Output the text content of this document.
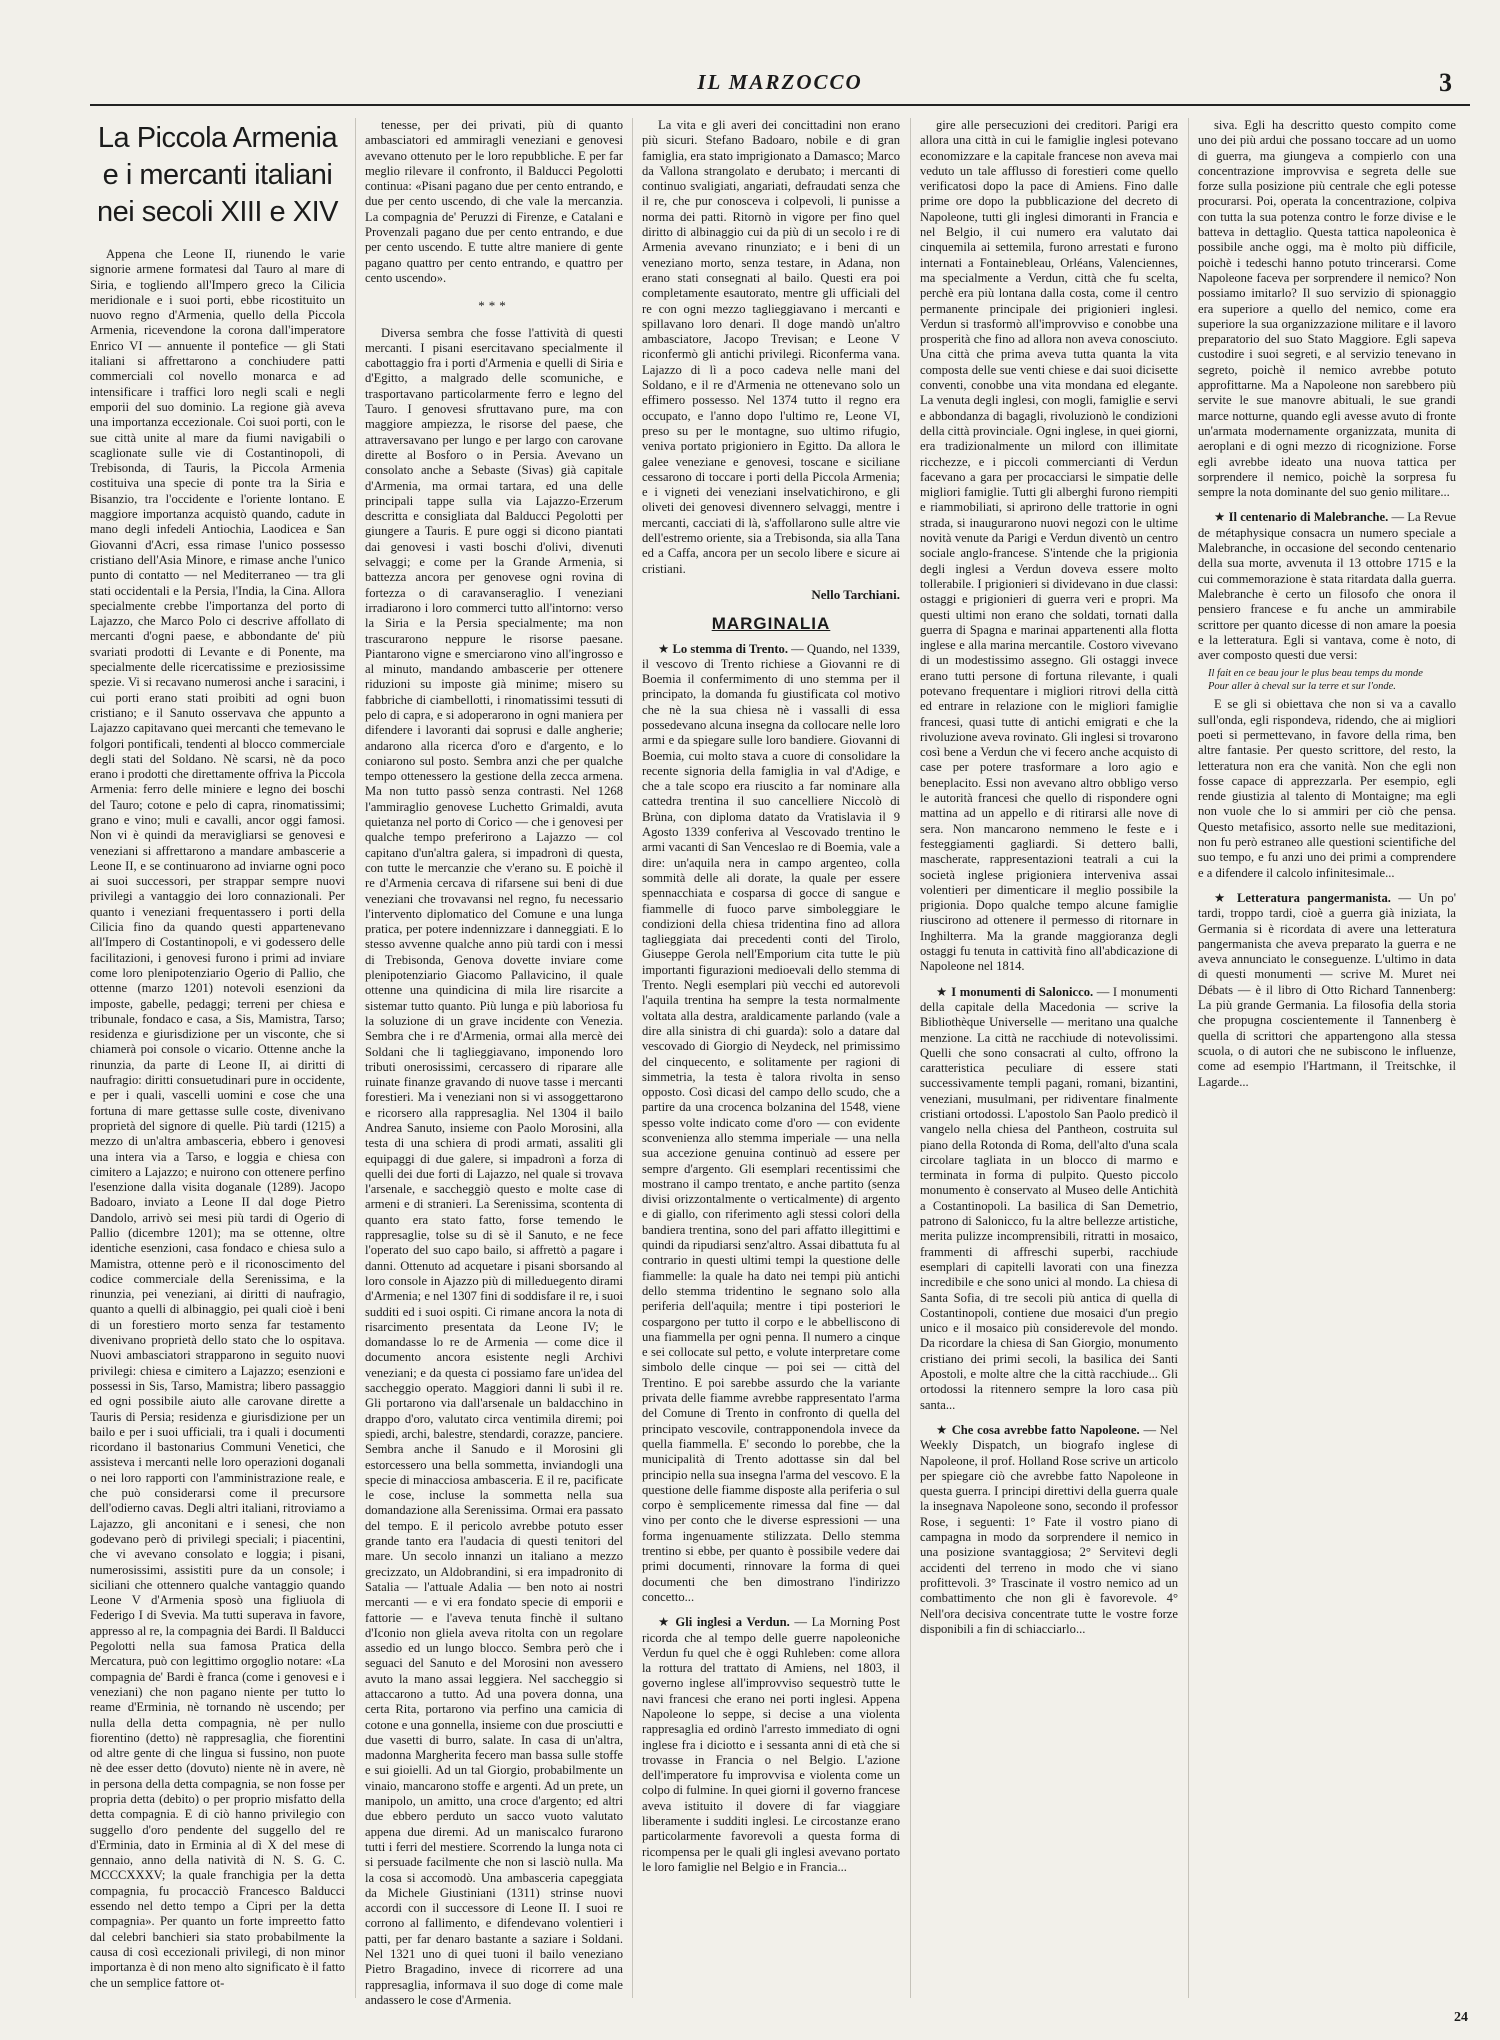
IL MARZOCCO	3
La Piccola Armenia
e i mercanti italiani
nei secoli XIII e XIV

Appena che Leone II, riunendo le varie signorie armene formatesi dal Tauro al mare di Siria, e togliendo all'Impero greco la Cilicia meridionale e i suoi porti, ebbe ricostituito un nuovo regno d'Armenia, quello della Piccola Armenia, ricevendone la corona dall'imperatore Enrico VI — annuente il pontefice — gli Stati italiani si affrettarono a conchiudere patti commerciali col novello monarca e ad intensificare i traffici loro negli scali e negli emporii del suo dominio. La regione già aveva una importanza eccezionale. Coi suoi porti, con le sue città unite al mare da fiumi navigabili o scaglionate sulle vie di Costantinopoli, di Trebisonda, di Tauris, la Piccola Armenia costituiva una specie di ponte tra la Siria e Bisanzio, tra l'occidente e l'oriente lontano. E maggiore importanza acquistò quando, cadute in mano degli infedeli Antiochia, Laodicea e San Giovanni d'Acri, essa rimase l'unico possesso cristiano dell'Asia Minore, e rimase anche l'unico punto di contatto — nel Mediterraneo — tra gli stati occidentali e la Persia, l'India, la Cina. Allora specialmente crebbe l'importanza del porto di Lajazzo, che Marco Polo ci descrive affollato di mercanti d'ogni paese, e abbondante de' più svariati prodotti di Levante e di Ponente, ma specialmente delle ricercatissime e preziosissime spezie. Vi si recavano numerosi anche i saracini, i cui porti erano stati proibiti ad ogni buon cristiano; e il Sanuto osservava che appunto a Lajazzo capitavano quei mercanti che temevano le folgori pontificali, tendenti al blocco commerciale degli stati del Soldano. Nè scarsi, nè da poco erano i prodotti che direttamente offriva la Piccola Armenia: ferro delle miniere e legno dei boschi del Tauro; cotone e pelo di capra, rinomatissimi; grano e vino; muli e cavalli, ancor oggi famosi. Non vi è quindi da meravigliarsi se genovesi e veneziani si affrettarono a mandare ambascerie a Leone II, e se continuarono ad inviarne ogni poco ai suoi successori, per strappar sempre nuovi privilegi a vantaggio dei loro connazionali. Per quanto i veneziani frequentassero i porti della Cilicia fino da quando questi appartenevano all'Impero di Costantinopoli, e vi godessero delle facilitazioni, i genovesi furono i primi ad inviare come loro plenipotenziario Ogerio di Pallio, che ottenne (marzo 1201) notevoli esenzioni da imposte, gabelle, pedaggi; terreni per chiesa e tribunale, fondaco e casa, a Sis, Mamistra, Tarso; residenza e giurisdizione per un visconte, che si chiamerà poi console o vicario. Ottenne anche la rinunzia, da parte di Leone II, ai diritti di naufragio: diritti consuetudinari pure in occidente, e per i quali, vascelli uomini e cose che una fortuna di mare gettasse sulle coste, divenivano proprietà del signore di quelle. Più tardi (1215) a mezzo di un'altra ambasceria, ebbero i genovesi una intera via a Tarso, e loggia e chiesa con cimitero a Lajazzo; e nuirono con ottenere perfino l'esenzione dalla visita doganale (1289). Jacopo Badoaro, inviato a Leone II dal doge Pietro Dandolo, arrivò sei mesi più tardi di Ogerio di Pallio (dicembre 1201); ma se ottenne, oltre identiche esenzioni, casa fondaco e chiesa sulo a Mamistra, ottenne però e il riconoscimento del codice commerciale della Serenissima, e la rinunzia, pei veneziani, ai diritti di naufragio, quanto a quelli di albinaggio, pei quali cioè i beni di un forestiero morto senza far testamento divenivano proprietà dello stato che lo ospitava. Nuovi ambasciatori strapparono in seguito nuovi privilegi: chiesa e cimitero a Lajazzo; esenzioni e possessi in Sis, Tarso, Mamistra; libero passaggio ed ogni possibile aiuto alle carovane dirette a Tauris di Persia; residenza e giurisdizione per un bailo e per i suoi ufficiali, tra i quali i documenti ricordano il bastonarius Communi Venetici, che assisteva i mercanti nelle loro operazioni doganali o nei loro rapporti con l'amministrazione reale, e che può considerarsi come il precursore dell'odierno cavas. Degli altri italiani, ritroviamo a Lajazzo, gli anconitani e i senesi, che non godevano però di privilegi speciali; i piacentini, che vi avevano consolato e loggia; i pisani, numerosissimi, assistiti pure da un console; i siciliani che ottennero qualche vantaggio quando Leone V d'Armenia sposò una figliuola di Federigo I di Svevia. Ma tutti superava in favore, appresso al re, la compagnia dei Bardi. Il Balducci Pegolotti nella sua famosa Pratica della Mercatura, può con legittimo orgoglio notare: «La compagnia de' Bardi è franca (come i genovesi e i veneziani) che non pagano niente per tutto lo reame d'Erminia, nè tornando nè uscendo; per nulla della detta compagnia, nè per nullo fiorentino (detto) nè rappresaglia, che fiorentini od altre gente di che lingua si fussino, non puote nè dee esser detto (dovuto) niente nè in avere, nè in persona della detta compagnia, se non fosse per propria detta (debito) o per proprio misfatto della detta compagnia. E di ciò hanno privilegio con suggello d'oro pendente del suggello del re d'Erminia, dato in Erminia al dì X del mese di gennaio, anno della natività di N. S. G. C. MCCCXXXV; la quale franchigia per la detta compagnia, fu procacciò Francesco Balducci essendo nel detto tempo a Cipri per la detta compagnia». Per quanto un forte impreetto fatto dal celebri banchieri sia stato probabilmente la causa di così eccezionali privilegi, di non minor importanza è di non meno alto significato è il fatto che un semplice fattore ot-

tenesse, per dei privati, più di quanto ambasciatori ed ammiragli veneziani e genovesi avevano ottenuto per le loro repubbliche. E per far meglio rilevare il confronto, il Balducci Pegolotti continua: «Pisani pagano due per cento entrando, e due per cento uscendo, di che vale la mercanzia. La compagnia de' Peruzzi di Firenze, e Catalani e Provenzali pagano due per cento entrando, e due per cento uscendo. E tutte altre maniere di gente pagano quattro per cento entrando, e quattro per cento uscendo».

***

Diversa sembra che fosse l'attività di questi mercanti. I pisani esercitavano specialmente il cabottaggio fra i porti d'Armenia e quelli di Siria e d'Egitto, a malgrado delle scomuniche, e trasportavano particolarmente ferro e legno del Tauro. I genovesi sfruttavano pure, ma con maggiore ampiezza, le risorse del paese, che attraversavano per lungo e per largo con carovane dirette al Bosforo o in Persia. Avevano un consolato anche a Sebaste (Sivas) già capitale d'Armenia, ma ormai tartara, ed una delle principali tappe sulla via Lajazzo-Erzerum descritta e consigliata dal Balducci Pegolotti per giungere a Tauris. E pure oggi si dicono piantati dai genovesi i vasti boschi d'olivi, divenuti selvaggi; e come per la Grande Armenia, si battezza ancora per genovese ogni rovina di fortezza o di caravanseraglio. I veneziani irradiarono i loro commerci tutto all'intorno: verso la Siria e la Persia specialmente; ma non trascurarono neppure le risorse paesane. Piantarono vigne e smerciarono vino all'ingrosso e al minuto, mandando ambascerie per ottenere riduzioni su imposte già minime; misero su fabbriche di ciambellotti, i rinomatissimi tessuti di pelo di capra, e si adoperarono in ogni maniera per difendere i lavoranti dai soprusi e dalle angherie; andarono alla ricerca d'oro e d'argento, e lo coniarono sul posto. Sembra anzi che per qualche tempo ottenessero la gestione della zecca armena. Ma non tutto passò senza contrasti. Nel 1268 l'ammiraglio genovese Luchetto Grimaldi, avuta quietanza nel porto di Corico — che i genovesi per qualche tempo preferirono a Lajazzo — col capitano d'un'altra galera, si impadronì di questa, con tutte le mercanzie che v'erano su. E poichè il re d'Armenia cercava di rifarsene sui beni di due veneziani che trovavansi nel regno, fu necessario l'intervento diplomatico del Comune e una lunga pratica, per potere indennizzare i danneggiati. E lo stesso avvenne qualche anno più tardi con i messi di Trebisonda, Genova dovette inviare come plenipotenziario Giacomo Pallavicino, il quale ottenne una quindicina di mila lire risarcite a sistemar tutto quanto. Più lunga e più laboriosa fu la soluzione di un grave incidente con Venezia. Sembra che i re d'Armenia, ormai alla mercè dei Soldani che li taglieggiavano, imponendo loro tributi onerosissimi, cercassero di riparare alle ruinate finanze gravando di nuove tasse i mercanti forestieri. Ma i veneziani non si vi assoggettarono e ricorsero alla rappresaglia. Nel 1304 il bailo Andrea Sanuto, insieme con Paolo Morosini, alla testa di una schiera di prodi armati, assaliti gli equipaggi di due galere, si impadronì a forza di quelli dei due forti di Lajazzo, nel quale si trovava l'arsenale, e saccheggiò questo e molte case di armeni e di stranieri. La Serenissima, scontenta di quanto era stato fatto, forse temendo le rappresaglie, tolse su di sè il Sanuto, e ne fece l'operato del suo capo bailo, si affrettò a pagare i danni. Ottenuto ad acquetare i pisani sborsando al loro console in Ajazzo più di milleduegento dirami d'Armenia; e nel 1307 fini di soddisfare il re, i suoi sudditi ed i suoi ospiti. Ci rimane ancora la nota di risarcimento presentata da Leone IV; le domandasse lo re de Armenia — come dice il documento ancora esistente negli Archivi veneziani; e da questa ci possiamo fare un'idea del saccheggio operato. Maggiori danni li subì il re. Gli portarono via dall'arsenale un baldacchino in drappo d'oro, valutato circa ventimila diremi; poi spiedi, archi, balestre, stendardi, corazze, panciere. Sembra anche il Sanudo e il Morosini gli estorcessero una bella sommetta, inviandogli una specie di minacciosa ambasceria. E il re, pacificate le cose, incluse la sommetta nella sua domandazione alla Serenissima. Ormai era passato del tempo. E il pericolo avrebbe potuto esser grande tanto era l'audacia di questi tenitori del mare. Un secolo innanzi un italiano a mezzo grecizzato, un Aldobrandini, si era impadronito di Satalia — l'attuale Adalia — ben noto ai nostri mercanti — e vi era fondato specie di emporii e fattorie — e l'aveva tenuta finchè il sultano d'Iconio non gliela aveva ritolta con un regolare assedio ed un lungo blocco. Sembra però che i seguaci del Sanuto e del Morosini non avessero avuto la mano assai leggiera. Nel saccheggio si attaccarono a tutto. Ad una povera donna, una certa Rita, portarono via perfino una camicia di cotone e una gonnella, insieme con due prosciutti e due vasetti di burro, salate. In casa di un'altra, madonna Margherita fecero man bassa sulle stoffe e sui gioielli. Ad un tal Giorgio, probabilmente un vinaio, mancarono stoffe e argenti. Ad un prete, un manipolo, un amitto, una croce d'argento; ed altri due ebbero perduto un sacco vuoto valutato appena due diremi. Ad un maniscalco furarono tutti i ferri del mestiere. Scorrendo la lunga nota ci si persuade facilmente che non si lasciò nulla. Ma la cosa si accomodò. Una ambasceria capeggiata da Michele Giustiniani (1311) strinse nuovi accordi con il successore di Leone II. I suoi re corrono al fallimento, e difendevano volentieri i patti, per far denaro bastante a saziare i Soldani. Nel 1321 uno di quei tuoni il bailo veneziano Pietro Bragadino, invece di ricorrere ad una rappresaglia, informava il suo doge di come male andassero le cose d'Armenia.

La vita e gli averi dei concittadini non erano più sicuri. Stefano Badoaro, nobile e di gran famiglia, era stato imprigionato a Damasco; Marco da Vallona strangolato e derubato; i mercanti di continuo svaligiati, angariati, defraudati senza che il re, che pur conosceva i colpevoli, li punisse a norma dei patti. Ritornò in vigore per fino quel diritto di albinaggio cui da più di un secolo i re di Armenia avevano rinunziato; e i beni di un veneziano morto, senza testare, in Adana, non erano stati consegnati al bailo. Questi era poi completamente esautorato, mentre gli ufficiali del re con ogni mezzo taglieggiavano i mercanti e spillavano loro denari. Il doge mandò un'altro ambasciatore, Jacopo Trevisan; e Leone V riconfermò gli antichi privilegi. Riconferma vana. Lajazzo di lì a poco cadeva nelle mani del Soldano, e il re d'Armenia ne ottenevano solo un effimero possesso. Nel 1374 tutto il regno era occupato, e l'anno dopo l'ultimo re, Leone VI, preso su per le montagne, suo ultimo rifugio, veniva portato prigioniero in Egitto. Da allora le galee veneziane e genovesi, toscane e siciliane cessarono di toccare i porti della Piccola Armenia; e i vigneti dei veneziani inselvatichirono, e gli oliveti dei genovesi divennero selvaggi, mentre i mercanti, cacciati di là, s'affollarono sulle altre vie dell'estremo oriente, sia a Trebisonda, sia alla Tana ed a Caffa, ancora per un secolo libere e sicure ai cristiani.

Nello Tarchiani.
MARGINALIA

★ Lo stemma di Trento. — Quando, nel 1339, il vescovo di Trento richiese a Giovanni re di Boemia il confermimento di uno stemma per il principato, la domanda fu giustificata col motivo che nè la sua chiesa nè i vassalli di essa possedevano alcuna insegna da collocare nelle loro armi e da spiegare sulle loro bandiere. Giovanni di Boemia, cui molto stava a cuore di consolidare la recente signoria della famiglia in val d'Adige, e che a tale scopo era riuscito a far nominare alla cattedra trentina il suo cancelliere Niccolò di Brùna, con diploma datato da Vratislavia il 9 Agosto 1339 conferiva al Vescovado trentino le armi vacanti di San Venceslao re di Boemia, vale a dire: un'aquila nera in campo argenteo, colla sommità delle ali dorate, la quale per essere spennacchiata e cosparsa di gocce di sangue e fiammelle di fuoco parve simboleggiare le condizioni della chiesa tridentina fino ad allora taglieggiata dai precedenti conti del Tirolo, Giuseppe Gerola nell'Emporium cita tutte le più importanti figurazioni medioevali dello stemma di Trento. Negli esemplari più vecchi ed autorevoli l'aquila trentina ha sempre la testa normalmente voltata alla destra, araldicamente parlando (vale a dire alla sinistra di chi guarda): solo a datare dal vescovado di Giorgio di Neydeck, nel primissimo del cinquecento, e solitamente per ragioni di simmetria, la testa è talora rivolta in senso opposto. Così dicasi del campo dello scudo, che a partire da una crocenca bolzanina del 1548, viene spesso volte indicato come d'oro — con evidente sconvenienza allo stemma imperiale — una nella sua accezione genuina continuò ad essere per sempre d'argento. Gli esemplari recentissimi che mostrano il campo trentato, e anche partito (senza divisi orizzontalmente o verticalmente) di argento e di giallo, con riferimento agli stessi colori della bandiera trentina, sono del pari affatto illegittimi e quindi da ripudiarsi senz'altro. Assai dibattuta fu al contrario in questi ultimi tempi la questione delle fiammelle: la quale ha dato nei tempi più antichi dello stemma tridentino le segnano solo alla periferia dell'aquila; mentre i tipi posteriori le cospargono per tutto il corpo e le abbelliscono di una fiammella per ogni penna. Il numero a cinque e sei collocate sul petto, e volute interpretare come simbolo delle cinque — poi sei — città del Trentino. E poi sarebbe assurdo che la variante privata delle fiamme avrebbe rappresentato l'arma del Comune di Trento in confronto di quella del principato vescovile, contrapponendola invece da quella fiammella. E' secondo lo porebbe, che la municipalità di Trento adottasse sin dal bel principio nella sua insegna l'arma del vescovo. E la questione delle fiamme disposte alla periferia o sul corpo è semplicemente rimessa dal fine — dal vino per conto che le diverse espressioni — una forma ingenuamente stilizzata. Dello stemma trentino si ebbe, per quanto è possibile vedere dai primi documenti, rinnovare la forma di quei documenti che ben dimostrano l'indirizzo concetto...

★ Gli inglesi a Verdun. — La Morning Post ricorda che al tempo delle guerre napoleoniche Verdun fu quel che è oggi Ruhleben: come allora la rottura del trattato di Amiens, nel 1803, il governo inglese all'improvviso sequestrò tutte le navi francesi che erano nei porti inglesi. Appena Napoleone lo seppe, si decise a una violenta rappresaglia ed ordinò l'arresto immediato di ogni inglese fra i diciotto e i sessanta anni di età che si trovasse in Francia o nel Belgio. L'azione dell'imperatore fu improvvisa e violenta come un colpo di fulmine. In quei giorni il governo francese aveva istituito il dovere di far viaggiare liberamente i sudditi inglesi. Le circostanze erano particolarmente favorevoli a questa forma di ricompensa per le quali gli inglesi avevano portato le loro famiglie nel Belgio e in Francia...

gire alle persecuzioni dei creditori. Parigi era allora una città in cui le famiglie inglesi potevano economizzare e la capitale francese non aveva mai veduto un tale afflusso di forestieri come quello verificatosi dopo la pace di Amiens. Fino dalle prime ore dopo la pubblicazione del decreto di Napoleone, tutti gli inglesi dimoranti in Francia e nel Belgio, il cui numero era valutato dai cinquemila ai settemila, furono arrestati e furono internati a Fontainebleau, Orléans, Valenciennes, ma specialmente a Verdun, città che fu scelta, perchè era più lontana dalla costa, come il centro permanente principale dei prigionieri inglesi. Verdun si trasformò all'improvviso e conobbe una prosperità che fino ad allora non aveva conosciuto. Una città che prima aveva tutta quanta la vita composta delle sue venti chiese e dai suoi dicisette conventi, conobbe una vita mondana ed elegante. La venuta degli inglesi, con mogli, famiglie e servi e abbondanza di bagagli, rivoluzionò le condizioni della città provinciale. Ogni inglese, in quei giorni, era tradizionalmente un milord con illimitate ricchezze, e i piccoli commercianti di Verdun facevano a gara per procacciarsi le simpatie delle migliori famiglie. Tutti gli alberghi furono riempiti e riammobiliati, si aprirono delle trattorie in ogni strada, si inaugurarono nuovi negozi con le ultime novità venute da Parigi e Verdun diventò un centro sociale anglo-francese. S'intende che la prigionia degli inglesi a Verdun doveva essere molto tollerabile. I prigionieri si dividevano in due classi: ostaggi e prigionieri di guerra veri e propri. Ma questi ultimi non erano che soldati, tornati dalla guerra di Spagna e marinai appartenenti alla flotta inglese e alla marina mercantile. Costoro vivevano di un modestissimo assegno. Gli ostaggi invece erano tutti persone di fortuna rilevante, i quali potevano frequentare i migliori ritrovi della città ed entrare in relazione con le migliori famiglie francesi, quasi tutte di antichi emigrati e che la rivoluzione aveva rovinato. Gli inglesi si trovarono così bene a Verdun che vi fecero anche acquisto di case per potere trasformare a loro agio e beneplacito. Essi non avevano altro obbligo verso le autorità francesi che quello di rispondere ogni mattina ad un appello e di ritirarsi alle nove di sera. Non mancarono nemmeno le feste e i festeggiamenti gagliardi. Si dettero balli, mascherate, rappresentazioni teatrali a cui la società inglese prigioniera interveniva assai volentieri per dimenticare il meglio possibile la prigionia. Dopo qualche tempo alcune famiglie riuscirono ad ottenere il permesso di ritornare in Inghilterra. Ma la grande maggioranza degli ostaggi fu tenuta in cattività fino all'abdicazione di Napoleone nel 1814.

★ I monumenti di Salonicco. — I monumenti della capitale della Macedonia — scrive la Bibliothèque Universelle — meritano una qualche menzione. La città ne racchiude di notevolissimi. Quelli che sono consacrati al culto, offrono la caratteristica peculiare di essere stati successivamente templi pagani, romani, bizantini, veneziani, musulmani, per ridiventare finalmente cristiani ortodossi. L'apostolo San Paolo predicò il vangelo nella chiesa del Pantheon, costruita sul piano della Rotonda di Roma, dell'alto d'una scala circolare tagliata in un blocco di marmo e terminata in forma di pulpito. Questo piccolo monumento è conservato al Museo delle Antichità a Costantinopoli. La basilica di San Demetrio, patrono di Salonicco, fu la altre bellezze artistiche, merita pulizze incomprensibili, ritratti in mosaico, frammenti di affreschi superbi, racchiude esemplari di capitelli lavorati con una finezza incredibile e che sono unici al mondo. La chiesa di Santa Sofia, di tre secoli più antica di quella di Costantinopoli, contiene due mosaici d'un pregio unico e il mosaico più considerevole del mondo. Da ricordare la chiesa di San Giorgio, monumento cristiano dei primi secoli, la basilica dei Santi Apostoli, e molte altre che la città racchiude... Gli ortodossi la ritennero sempre la loro casa più santa...

★ Che cosa avrebbe fatto Napoleone. — Nel Weekly Dispatch, un biografo inglese di Napoleone, il prof. Holland Rose scrive un articolo per spiegare ciò che avrebbe fatto Napoleone in questa guerra. I principi direttivi della guerra quale la insegnava Napoleone sono, secondo il professor Rose, i seguenti: 1° Fate il vostro piano di campagna in modo da sorprendere il nemico in una posizione svantaggiosa; 2° Servitevi degli accidenti del terreno in modo che vi siano profittevoli. 3° Trascinate il vostro nemico ad un combattimento che non gli è favorevole. 4° Nell'ora decisiva concentrate tutte le vostre forze disponibili a fin di schiacciarlo...

siva. Egli ha descritto questo compito come uno dei più ardui che possano toccare ad un uomo di guerra, ma giungeva a compierlo con una concentrazione improvvisa e segreta delle sue forze sulla posizione più centrale che egli potesse procurarsi. Poi, operata la concentrazione, colpiva con tutta la sua potenza contro le forze divise e le batteva in dettaglio. Questa tattica napoleonica è possibile anche oggi, ma è molto più difficile, poichè i tedeschi hanno potuto trincerarsi. Come Napoleone faceva per sorprendere il nemico? Non possiamo imitarlo? Il suo servizio di spionaggio era superiore a quello del nemico, come era superiore la sua organizzazione militare e il lavoro preparatorio del suo Stato Maggiore. Egli sapeva custodire i suoi segreti, e al servizio tenevano in segreto, poichè il nemico avrebbe potuto approfittarne. Ma a Napoleone non sarebbero più servite le sue manovre abituali, le sue grandi marce notturne, quando egli avesse avuto di fronte un'armata modernamente organizzata, munita di aeroplani e di ogni mezzo di ricognizione. Forse egli avrebbe ideato una nuova tattica per sorprendere il nemico, poichè la sorpresa fu sempre la nota dominante del suo genio militare...

★ Il centenario di Malebranche. — La Revue de métaphysique consacra un numero speciale a Malebranche, in occasione del secondo centenario della sua morte, avvenuta il 13 ottobre 1715 e la cui commemorazione è stata ritardata dalla guerra. Malebranche è certo un filosofo che onora il pensiero francese e fu anche un ammirabile scrittore per quanto dicesse di non amare la poesia e la letteratura. Egli si vantava, come è noto, di aver composto questi due versi:

Il fait en ce beau jour le plus beau temps du monde
Pour aller à cheval sur la terre et sur l'onde.

E se gli si obiettava che non si va a cavallo sull'onda, egli rispondeva, ridendo, che ai migliori poeti si permettevano, in favore della rima, ben altre fantasie. Per questo scrittore, del resto, la letteratura non era che vanità. Non che egli non fosse capace di apprezzarla. Per esempio, egli rende giustizia al talento di Montaigne; ma egli non vuole che lo si ammiri per ciò che pensa. Questo metafisico, assorto nelle sue meditazioni, non fu però estraneo alle questioni scientifiche del suo tempo, e fu anzi uno dei primi a comprendere e a difendere il calcolo infinitesimale...

★ Letteratura pangermanista. — Un po' tardi, troppo tardi, cioè a guerra già iniziata, la Germania si è ricordata di avere una letteratura pangermanista che aveva preparato la guerra e ne aveva annunciato le conseguenze. L'ultimo in data di questi monumenti — scrive M. Muret nei Débats — è il libro di Otto Richard Tannenberg: La più grande Germania. La filosofia della storia che propugna coscientemente il Tannenberg è quella di scrittori che appartengono alla stessa scuola, o di autori che ne subiscono le influenze, come ad esempio l'Hartmann, il Treitschke, il Lagarde...

24
